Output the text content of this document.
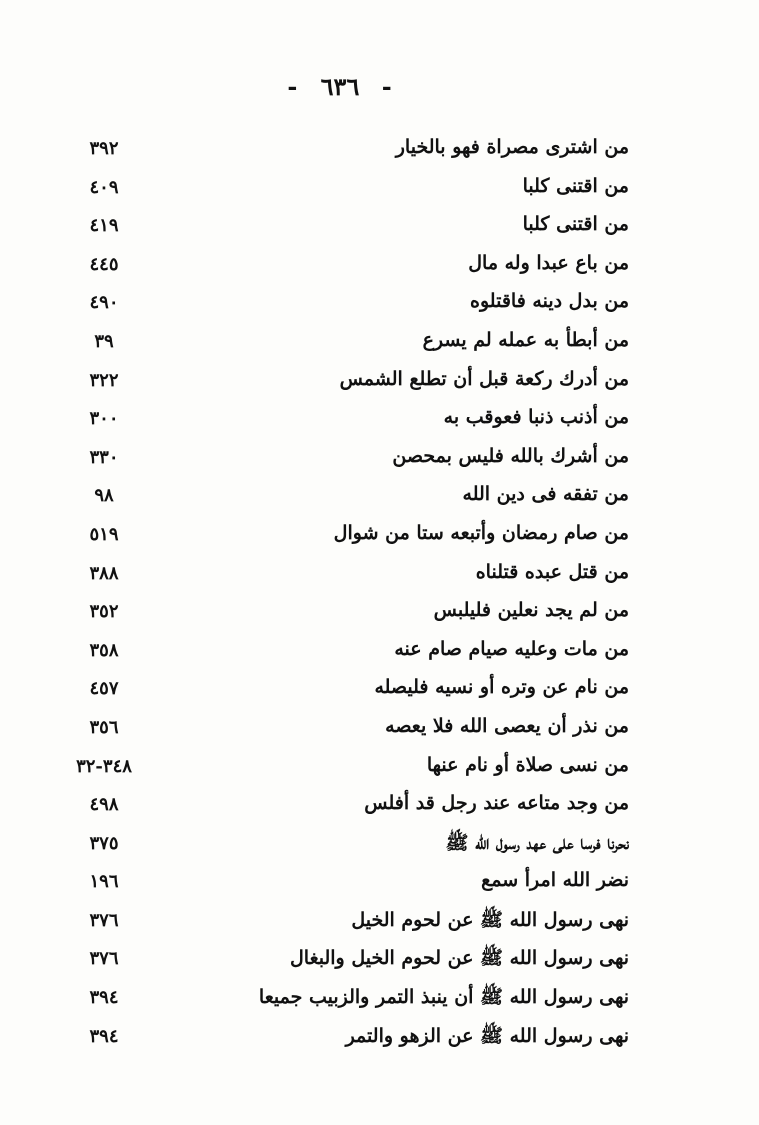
- ٦٣٦ -
من اشترى مصراة فهو بالخيار
٣٩٢
من اقتنى كلبا
٤٠٩
من اقتنى كلبا
٤١٩
من باع عبدا وله مال
٤٤٥
من بدل دينه فاقتلوه
٤٩٠
من أبطأ به عمله لم يسرع
٣٩
من أدرك ركعة قبل أن تطلع الشمس
٣٢٢
من أذنب ذنبا فعوقب به
٣٠٠
من أشرك بالله فليس بمحصن
٣٣٠
من تفقه فى دين الله
٩٨
من صام رمضان وأتبعه ستا من شوال
٥١٩
من قتل عبده قتلناه
٣٨٨
من لم يجد نعلين فليلبس
٣٥٢
من مات وعليه صيام صام عنه
٣٥٨
من نام عن وتره أو نسيه فليصله
٤٥٧
من نذر أن يعصى الله فلا يعصه
٣٥٦
من نسى صلاة أو نام عنها
٣٤٨-٣٢
من وجد متاعه عند رجل قد أفلس
٤٩٨
نحرنا فرسا على عهد رسول الله ﷺ
٣٧٥
نضر الله امرأ سمع
١٩٦
نهى رسول الله ﷺ عن لحوم الخيل
٣٧٦
نهى رسول الله ﷺ عن لحوم الخيل والبغال
٣٧٦
نهى رسول الله ﷺ أن ينبذ التمر والزبيب جميعا
٣٩٤
نهى رسول الله ﷺ عن الزهو والتمر
٣٩٤
